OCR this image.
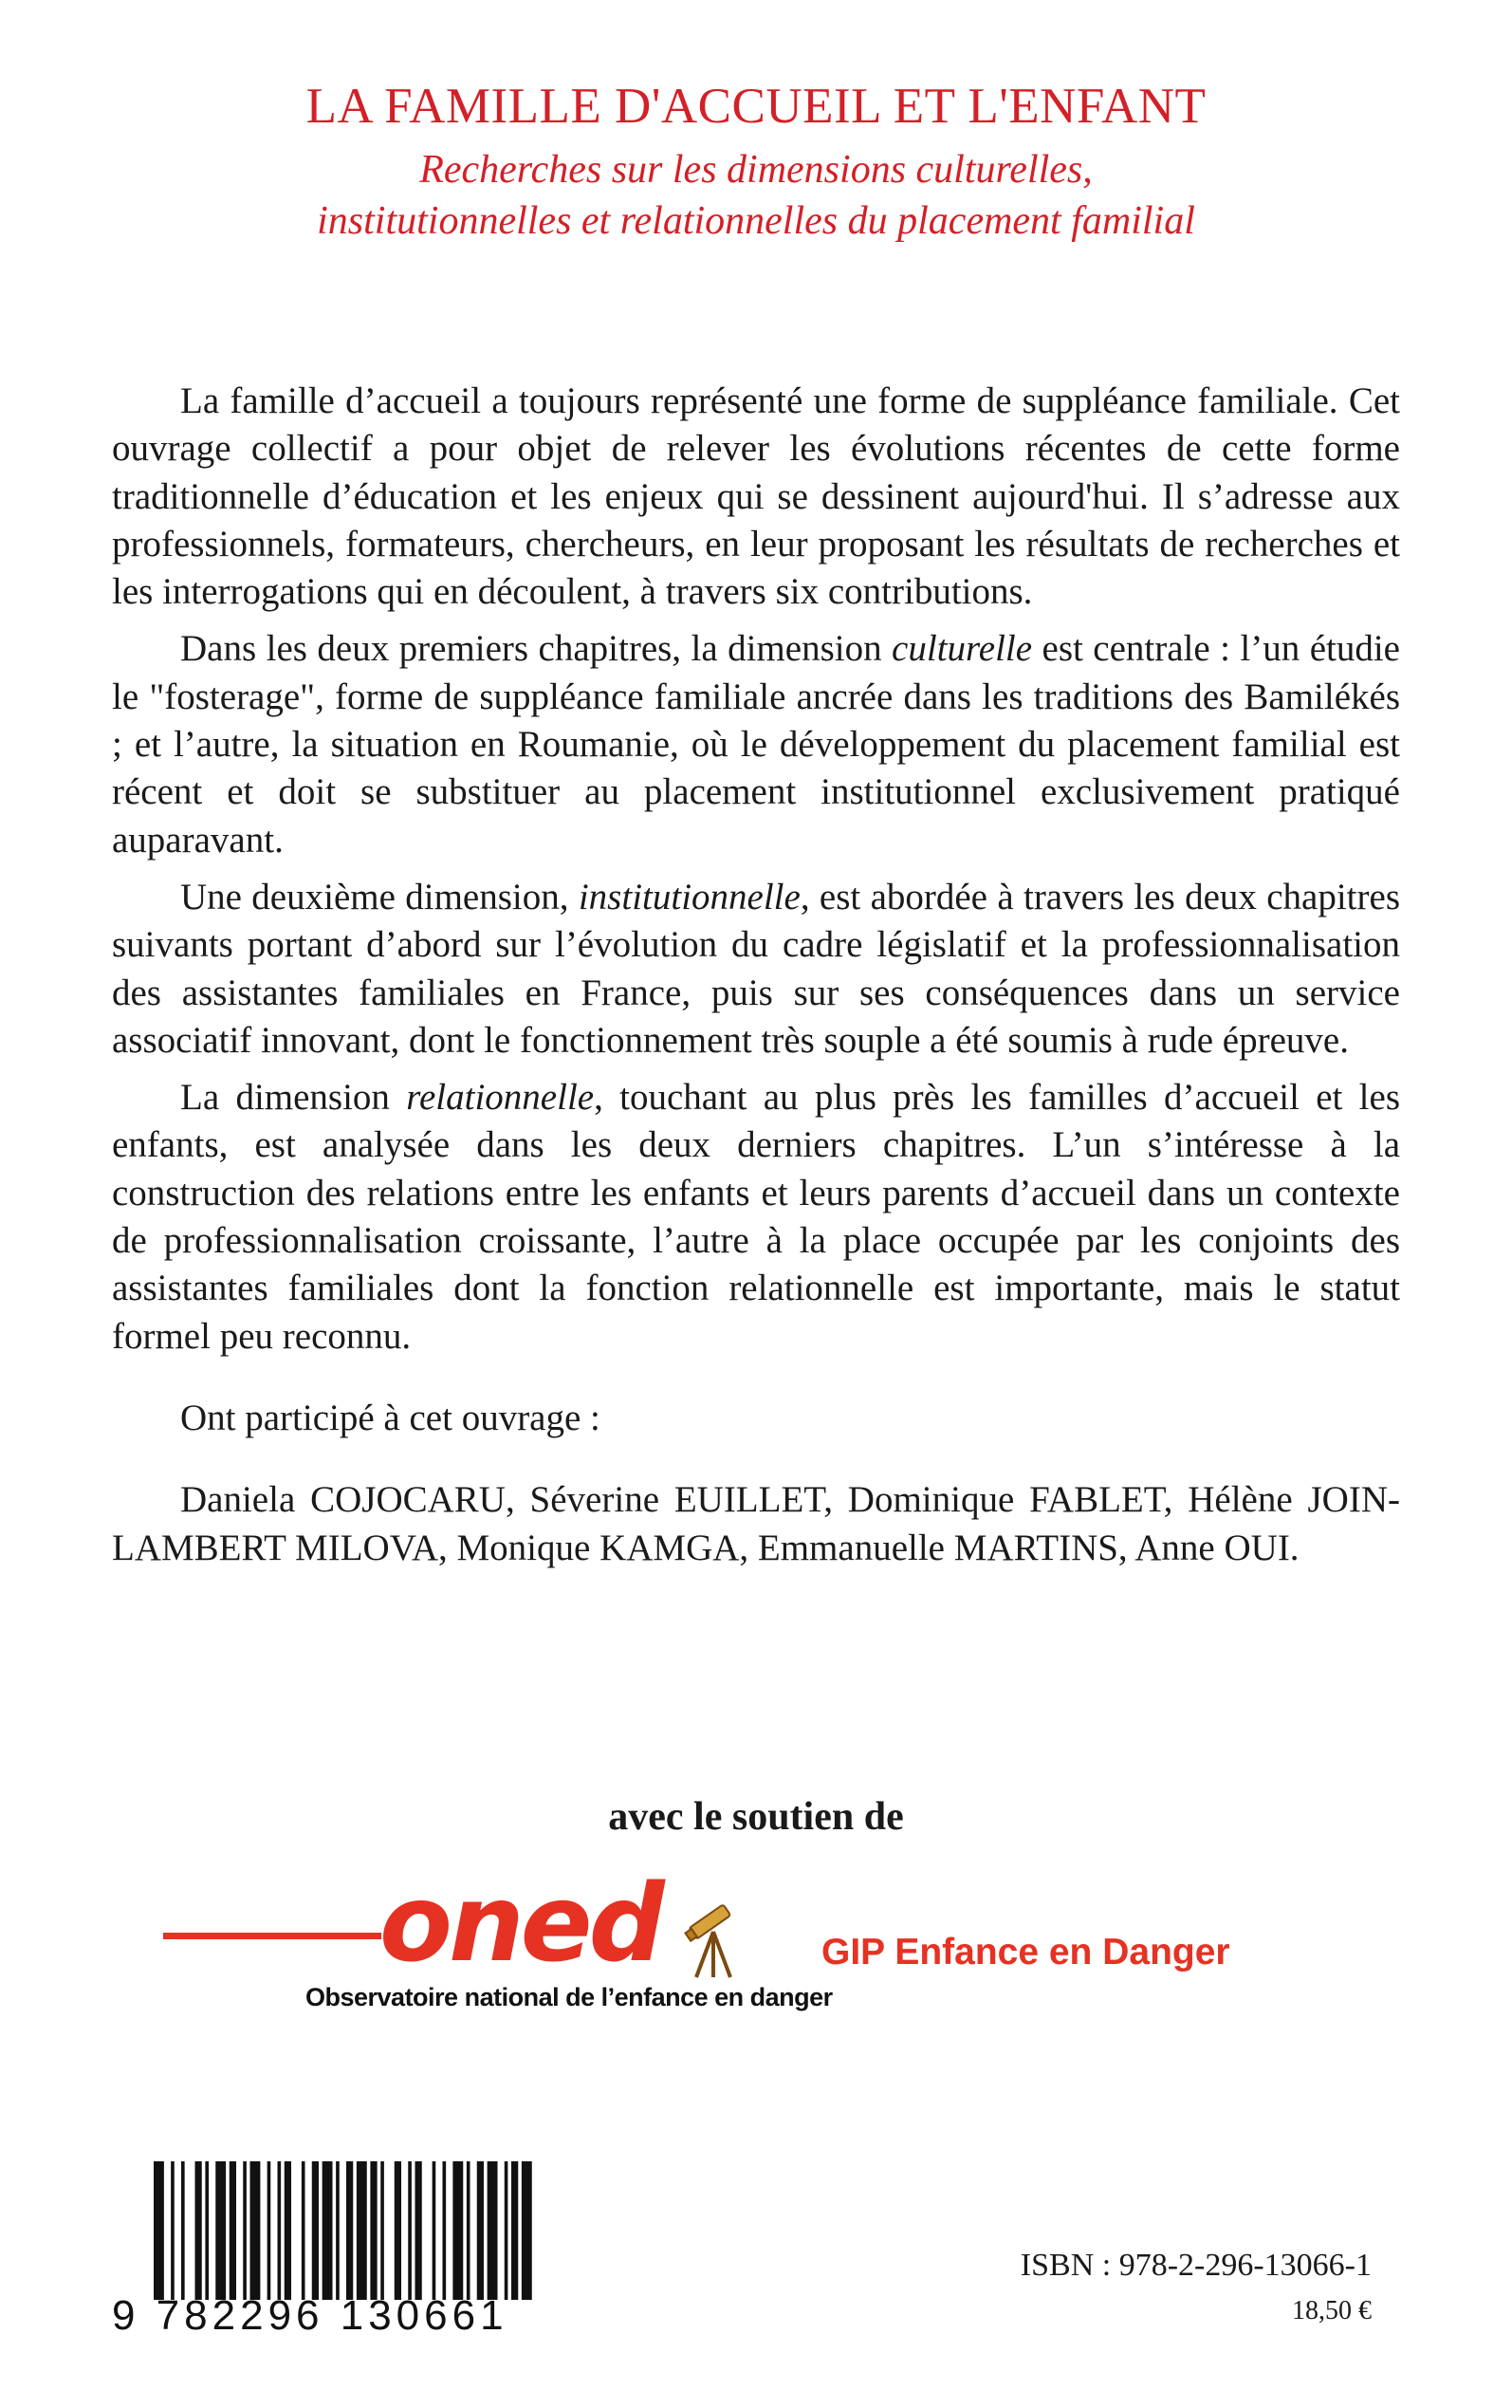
LA FAMILLE D'ACCUEIL ET L'ENFANT
Recherches sur les dimensions culturelles,
institutionnelles et relationnelles du placement familial

La famille d’accueil a toujours représenté une forme de suppléance familiale. Cet ouvrage collectif a pour objet de relever les évolutions récentes de cette forme traditionnelle d’éducation et les enjeux qui se dessinent aujourd'hui. Il s’adresse aux professionnels, formateurs, chercheurs, en leur proposant les résultats de recherches et les interrogations qui en découlent, à travers six contributions.

Dans les deux premiers chapitres, la dimension culturelle est centrale : l’un étudie le "fosterage", forme de suppléance familiale ancrée dans les traditions des Bamilékés ; et l’autre, la situation en Roumanie, où le développement du placement familial est récent et doit se substituer au placement institutionnel exclusivement pratiqué auparavant.

Une deuxième dimension, institutionnelle, est abordée à travers les deux chapitres suivants portant d’abord sur l’évolution du cadre législatif et la professionnalisation des assistantes familiales en France, puis sur ses conséquences dans un service associatif innovant, dont le fonctionnement très souple a été soumis à rude épreuve.

La dimension relationnelle, touchant au plus près les familles d’accueil et les enfants, est analysée dans les deux derniers chapitres. L’un s’intéresse à la construction des relations entre les enfants et leurs parents d’accueil dans un contexte de professionnalisation croissante, l’autre à la place occupée par les conjoints des assistantes familiales dont la fonction relationnelle est importante, mais le statut formel peu reconnu.

Ont participé à cet ouvrage :

Daniela COJOCARU, Séverine EUILLET, Dominique FABLET, Hélène JOIN-LAMBERT MILOVA, Monique KAMGA, Emmanuelle MARTINS, Anne OUI.

avec le soutien de
oned
Observatoire national de l’enfance en danger
GIP Enfance en Danger
9 782296 130661
ISBN : 978-2-296-13066-1
18,50 €
